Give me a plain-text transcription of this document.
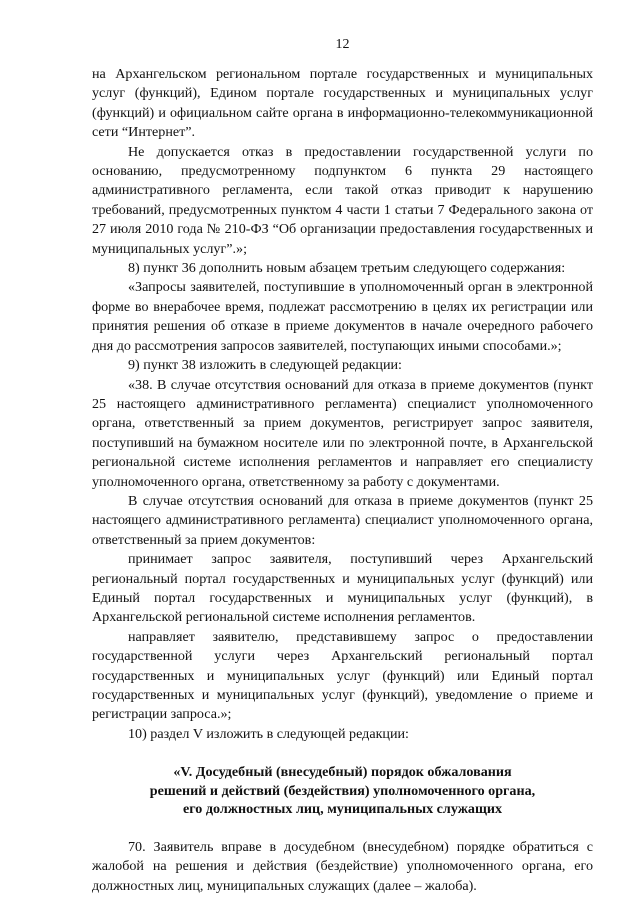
12

на Архангельском региональном портале государственных и муниципальных услуг (функций), Едином портале государственных и муниципальных услуг (функций) и официальном сайте органа в информационно-телекоммуникационной сети “Интернет”.

Не допускается отказ в предоставлении государственной услуги по основанию, предусмотренному подпунктом 6 пункта 29 настоящего административного регламента, если такой отказ приводит к нарушению требований, предусмотренных пунктом 4 части 1 статьи 7 Федерального закона от 27 июля 2010 года № 210-ФЗ “Об организации предоставления государственных и муниципальных услуг”.»;

8) пункт 36 дополнить новым абзацем третьим следующего содержания:

«Запросы заявителей, поступившие в уполномоченный орган в электронной форме во внерабочее время, подлежат рассмотрению в целях их регистрации или принятия решения об отказе в приеме документов в начале очередного рабочего дня до рассмотрения запросов заявителей, поступающих иными способами.»;

9) пункт 38 изложить в следующей редакции:

«38. В случае отсутствия оснований для отказа в приеме документов (пункт 25 настоящего административного регламента) специалист уполномоченного органа, ответственный за прием документов, регистрирует запрос заявителя, поступивший на бумажном носителе или по электронной почте, в Архангельской региональной системе исполнения регламентов и направляет его специалисту уполномоченного органа, ответственному за работу с документами.

В случае отсутствия оснований для отказа в приеме документов (пункт 25 настоящего административного регламента) специалист уполномоченного органа, ответственный за прием документов:

принимает запрос заявителя, поступивший через Архангельский региональный портал государственных и муниципальных услуг (функций) или Единый портал государственных и муниципальных услуг (функций), в Архангельской региональной системе исполнения регламентов.

направляет заявителю, представившему запрос о предоставлении государственной услуги через Архангельский региональный портал государственных и муниципальных услуг (функций) или Единый портал государственных и муниципальных услуг (функций), уведомление о приеме и регистрации запроса.»;

10) раздел V изложить в следующей редакции:

«V. Досудебный (внесудебный) порядок обжалования
решений и действий (бездействия) уполномоченного органа,
его должностных лиц, муниципальных служащих

70. Заявитель вправе в досудебном (внесудебном) порядке обратиться с жалобой на решения и действия (бездействие) уполномоченного органа, его должностных лиц, муниципальных служащих (далее – жалоба).
